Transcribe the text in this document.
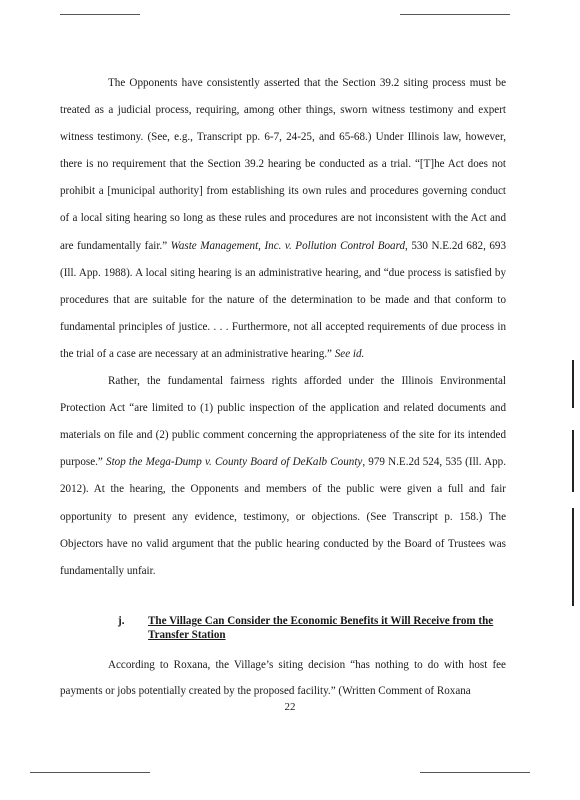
The Opponents have consistently asserted that the Section 39.2 siting process must be treated as a judicial process, requiring, among other things, sworn witness testimony and expert witness testimony. (See, e.g., Transcript pp. 6-7, 24-25, and 65-68.) Under Illinois law, however, there is no requirement that the Section 39.2 hearing be conducted as a trial. “[T]he Act does not prohibit a [municipal authority] from establishing its own rules and procedures governing conduct of a local siting hearing so long as these rules and procedures are not inconsistent with the Act and are fundamentally fair.” Waste Management, Inc. v. Pollution Control Board, 530 N.E.2d 682, 693 (Ill. App. 1988). A local siting hearing is an administrative hearing, and “due process is satisfied by procedures that are suitable for the nature of the determination to be made and that conform to fundamental principles of justice. . . . Furthermore, not all accepted requirements of due process in the trial of a case are necessary at an administrative hearing.” See id.

Rather, the fundamental fairness rights afforded under the Illinois Environmental Protection Act “are limited to (1) public inspection of the application and related documents and materials on file and (2) public comment concerning the appropriateness of the site for its intended purpose.” Stop the Mega-Dump v. County Board of DeKalb County, 979 N.E.2d 524, 535 (Ill. App. 2012). At the hearing, the Opponents and members of the public were given a full and fair opportunity to present any evidence, testimony, or objections. (See Transcript p. 158.) The Objectors have no valid argument that the public hearing conducted by the Board of Trustees was fundamentally unfair.

j.	The Village Can Consider the Economic Benefits it Will Receive from the Transfer Station

According to Roxana, the Village’s siting decision “has nothing to do with host fee payments or jobs potentially created by the proposed facility.” (Written Comment of Roxana

22
